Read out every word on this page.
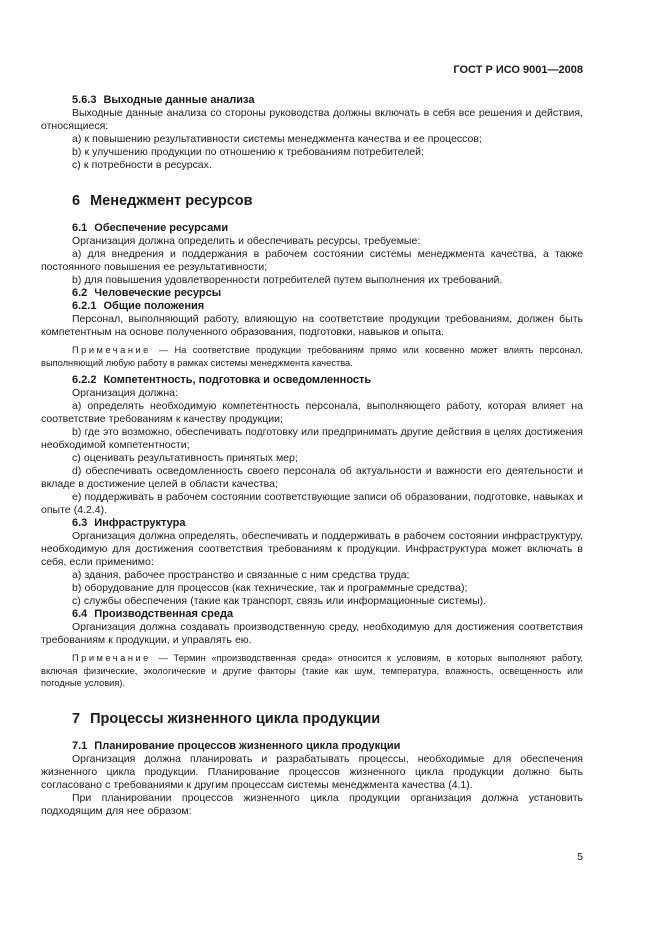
ГОСТ Р ИСО 9001—2008

5.6.3 Выходные данные анализа

Выходные данные анализа со стороны руководства должны включать в себя все решения и действия, относящиеся:

a) к повышению результативности системы менеджмента качества и ее процессов;

b) к улучшению продукции по отношению к требованиям потребителей;

c) к потребности в ресурсах.

6 Менеджмент ресурсов

6.1 Обеспечение ресурсами

Организация должна определить и обеспечивать ресурсы, требуемые:

a) для внедрения и поддержания в рабочем состоянии системы менеджмента качества, а также постоянного повышения ее результативности;

b) для повышения удовлетворенности потребителей путем выполнения их требований.

6.2 Человеческие ресурсы

6.2.1 Общие положения

Персонал, выполняющий работу, влияющую на соответствие продукции требованиям, должен быть компетентным на основе полученного образования, подготовки, навыков и опыта.

Примечание — На соответствие продукции требованиям прямо или косвенно может влиять персонал, выполняющий любую работу в рамках системы менеджмента качества.

6.2.2 Компетентность, подготовка и осведомленность

Организация должна:

a) определять необходимую компетентность персонала, выполняющего работу, которая влияет на соответствие требованиям к качеству продукции;

b) где это возможно, обеспечивать подготовку или предпринимать другие действия в целях достижения необходимой компетентности;

c) оценивать результативность принятых мер;

d) обеспечивать осведомленность своего персонала об актуальности и важности его деятельности и вкладе в достижение целей в области качества;

e) поддерживать в рабочем состоянии соответствующие записи об образовании, подготовке, навыках и опыте (4.2.4).

6.3 Инфраструктура

Организация должна определять, обеспечивать и поддерживать в рабочем состоянии инфраструктуру, необходимую для достижения соответствия требованиям к продукции. Инфраструктура может включать в себя, если применимо:

a) здания, рабочее пространство и связанные с ним средства труда;

b) оборудование для процессов (как технические, так и программные средства);

c) службы обеспечения (такие как транспорт, связь или информационные системы).

6.4 Производственная среда

Организация должна создавать производственную среду, необходимую для достижения соответствия требованиям к продукции, и управлять ею.

Примечание — Термин «производственная среда» относится к условиям, в которых выполняют работу, включая физические, экологические и другие факторы (такие как шум, температура, влажность, освещенность или погодные условия).

7 Процессы жизненного цикла продукции

7.1 Планирование процессов жизненного цикла продукции

Организация должна планировать и разрабатывать процессы, необходимые для обеспечения жизненного цикла продукции. Планирование процессов жизненного цикла продукции должно быть согласовано с требованиями к другим процессам системы менеджмента качества (4.1).

При планировании процессов жизненного цикла продукции организация должна установить подходящим для нее образом:

5
